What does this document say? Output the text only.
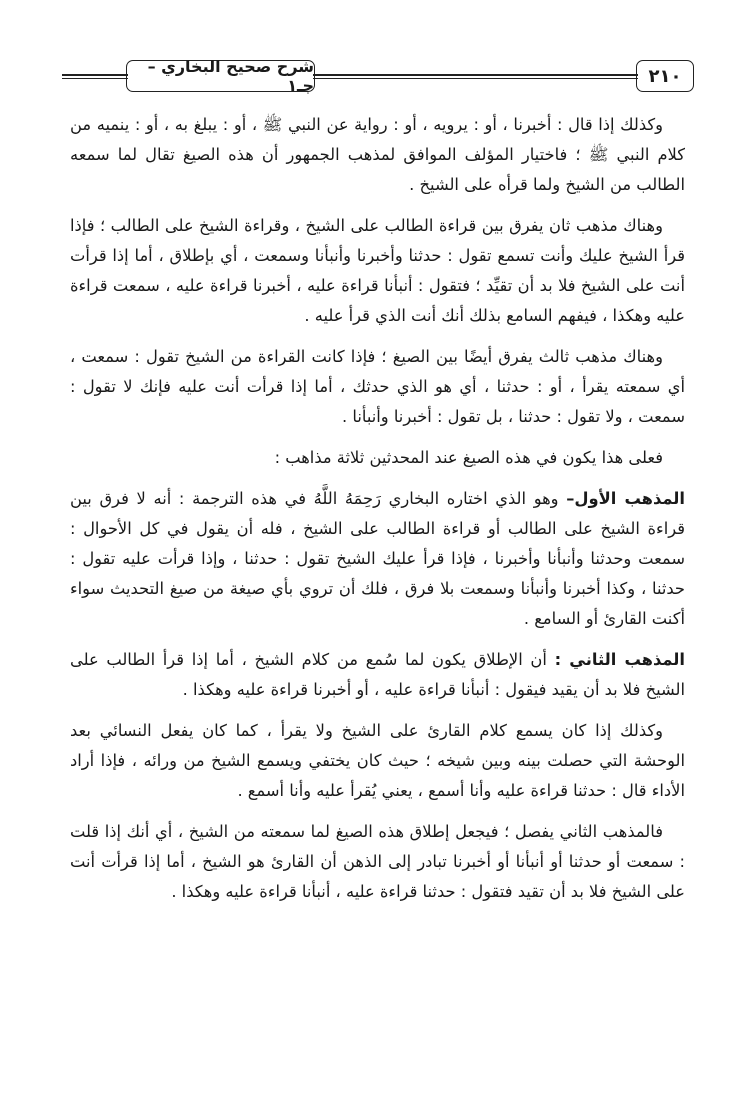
شرح صحيح البخاري – جـ١	٢١٠

وكذلك إذا قال : أخبرنا ، أو : يرويه ، أو : رواية عن النبي ﷺ ، أو : يبلغ به ، أو : ينميه من كلام النبي ﷺ ؛ فاختيار المؤلف الموافق لمذهب الجمهور أن هذه الصيغ تقال لما سمعه الطالب من الشيخ ولما قرأه على الشيخ .

وهناك مذهب ثان يفرق بين قراءة الطالب على الشيخ ، وقراءة الشيخ على الطالب ؛ فإذا قرأ الشيخ عليك وأنت تسمع تقول : حدثنا وأخبرنا وأنبأنا وسمعت ، أي بإطلاق ، أما إذا قرأت أنت على الشيخ فلا بد أن تقيِّد ؛ فتقول : أنبأنا قراءة عليه ، أخبرنا قراءة عليه ، سمعت قراءة عليه وهكذا ، فيفهم السامع بذلك أنك أنت الذي قرأ عليه .

وهناك مذهب ثالث يفرق أيضًا بين الصيغ ؛ فإذا كانت القراءة من الشيخ تقول : سمعت ، أي سمعته يقرأ ، أو : حدثنا ، أي هو الذي حدثك ، أما إذا قرأت أنت عليه فإنك لا تقول : سمعت ، ولا تقول : حدثنا ، بل تقول : أخبرنا وأنبأنا .

فعلى هذا يكون في هذه الصيغ عند المحدثين ثلاثة مذاهب :

المذهب الأول– وهو الذي اختاره البخاري رَحِمَهُ اللَّهُ في هذه الترجمة : أنه لا فرق بين قراءة الشيخ على الطالب أو قراءة الطالب على الشيخ ، فله أن يقول في كل الأحوال : سمعت وحدثنا وأنبأنا وأخبرنا ، فإذا قرأ عليك الشيخ تقول : حدثنا ، وإذا قرأت عليه تقول : حدثنا ، وكذا أخبرنا وأنبأنا وسمعت بلا فرق ، فلك أن تروي بأي صيغة من صيغ التحديث سواء أكنت القارئ أو السامع .

المذهب الثاني : أن الإطلاق يكون لما سُمع من كلام الشيخ ، أما إذا قرأ الطالب على الشيخ فلا بد أن يقيد فيقول : أنبأنا قراءة عليه ، أو أخبرنا قراءة عليه وهكذا .

وكذلك إذا كان يسمع كلام القارئ على الشيخ ولا يقرأ ، كما كان يفعل النسائي بعد الوحشة التي حصلت بينه وبين شيخه ؛ حيث كان يختفي ويسمع الشيخ من ورائه ، فإذا أراد الأداء قال : حدثنا قراءة عليه وأنا أسمع ، يعني يُقرأ عليه وأنا أسمع .

فالمذهب الثاني يفصل ؛ فيجعل إطلاق هذه الصيغ لما سمعته من الشيخ ، أي أنك إذا قلت : سمعت أو حدثنا أو أنبأنا أو أخبرنا تبادر إلى الذهن أن القارئ هو الشيخ ، أما إذا قرأت أنت على الشيخ فلا بد أن تقيد فتقول : حدثنا قراءة عليه ، أنبأنا قراءة عليه وهكذا .
